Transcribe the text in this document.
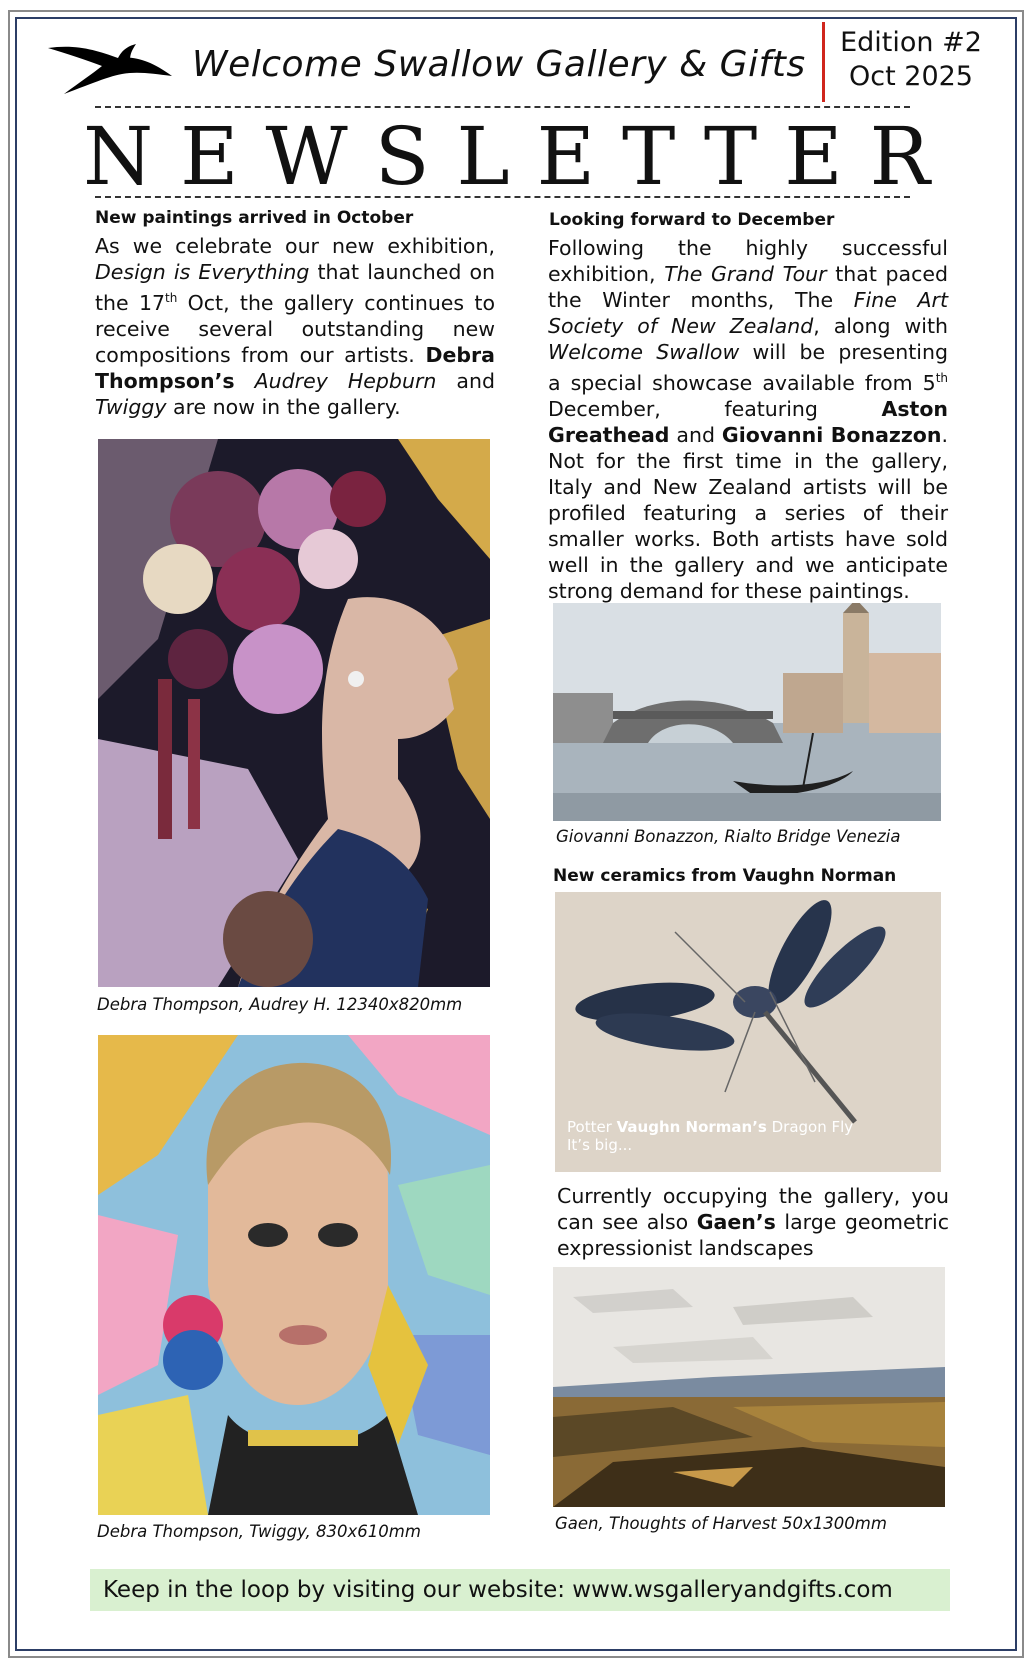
Welcome Swallow Gallery & Gifts
Edition #2
Oct 2025
NEWSLETTER
New paintings arrived in October
As we celebrate our new exhibition,
Design is Everything that launched on
the 17th Oct, the gallery continues to
receive several outstanding new
compositions from our artists. Debra
Thompson’s Audrey Hepburn and
Twiggy are now in the gallery.
Debra Thompson, Audrey H. 12340x820mm
Debra Thompson, Twiggy, 830x610mm
Looking forward to December
Following the highly successful
exhibition, The Grand Tour that paced
the Winter months, The Fine Art
Society of New Zealand, along with
Welcome Swallow will be presenting
a special showcase available from 5th
December, featuring Aston
Greathead and Giovanni Bonazzon.
Not for the first time in the gallery,
Italy and New Zealand artists will be
profiled featuring a series of their
smaller works. Both artists have sold
well in the gallery and we anticipate
strong demand for these paintings.
Giovanni Bonazzon, Rialto Bridge Venezia
New ceramics from Vaughn Norman
Potter Vaughn Norman’s Dragon Fly
It’s big...
Currently occupying the gallery, you
can see also Gaen’s large geometric
expressionist landscapes
Gaen, Thoughts of Harvest 50x1300mm
Keep in the loop by visiting our website: www.wsgalleryandgifts.com
